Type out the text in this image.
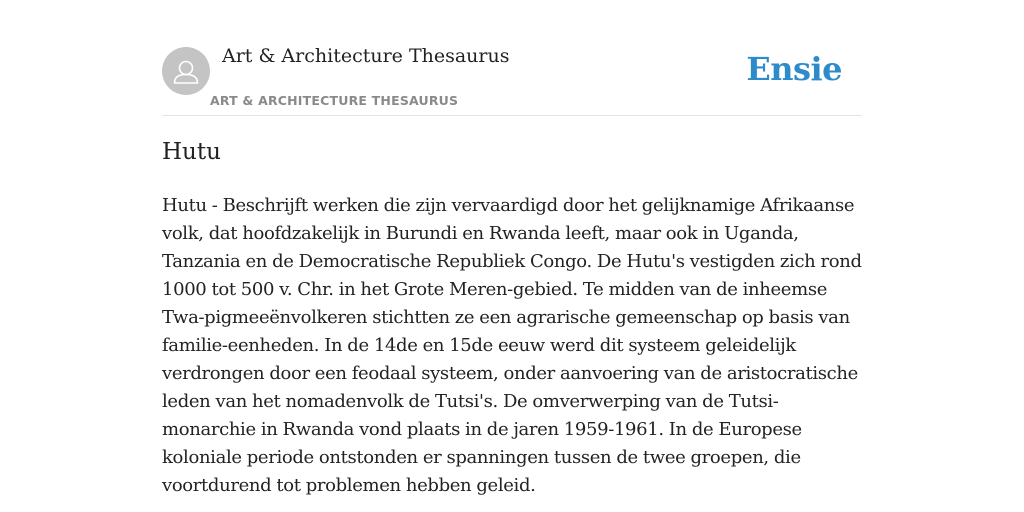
Art & Architecture Thesaurus
ART & ARCHITECTURE THESAURUS
Ensie
Hutu

Hutu - Beschrijft werken die zijn vervaardigd door het gelijknamige Afrikaanse volk, dat hoofdzakelijk in Burundi en Rwanda leeft, maar ook in Uganda, Tanzania en de Democratische Republiek Congo. De Hutu's vestigden zich rond 1000 tot 500 v. Chr. in het Grote Meren-gebied. Te midden van de inheemse Twa-pigmeeënvolkeren stichtten ze een agrarische gemeenschap op basis van familie-eenheden. In de 14de en 15de eeuw werd dit systeem geleidelijk verdrongen door een feodaal systeem, onder aanvoering van de aristocratische leden van het nomadenvolk de Tutsi's. De omverwerping van de Tutsi-monarchie in Rwanda vond plaats in de jaren 1959-1961. In de Europese koloniale periode ontstonden er spanningen tussen de twee groepen, die voortdurend tot problemen hebben geleid.
